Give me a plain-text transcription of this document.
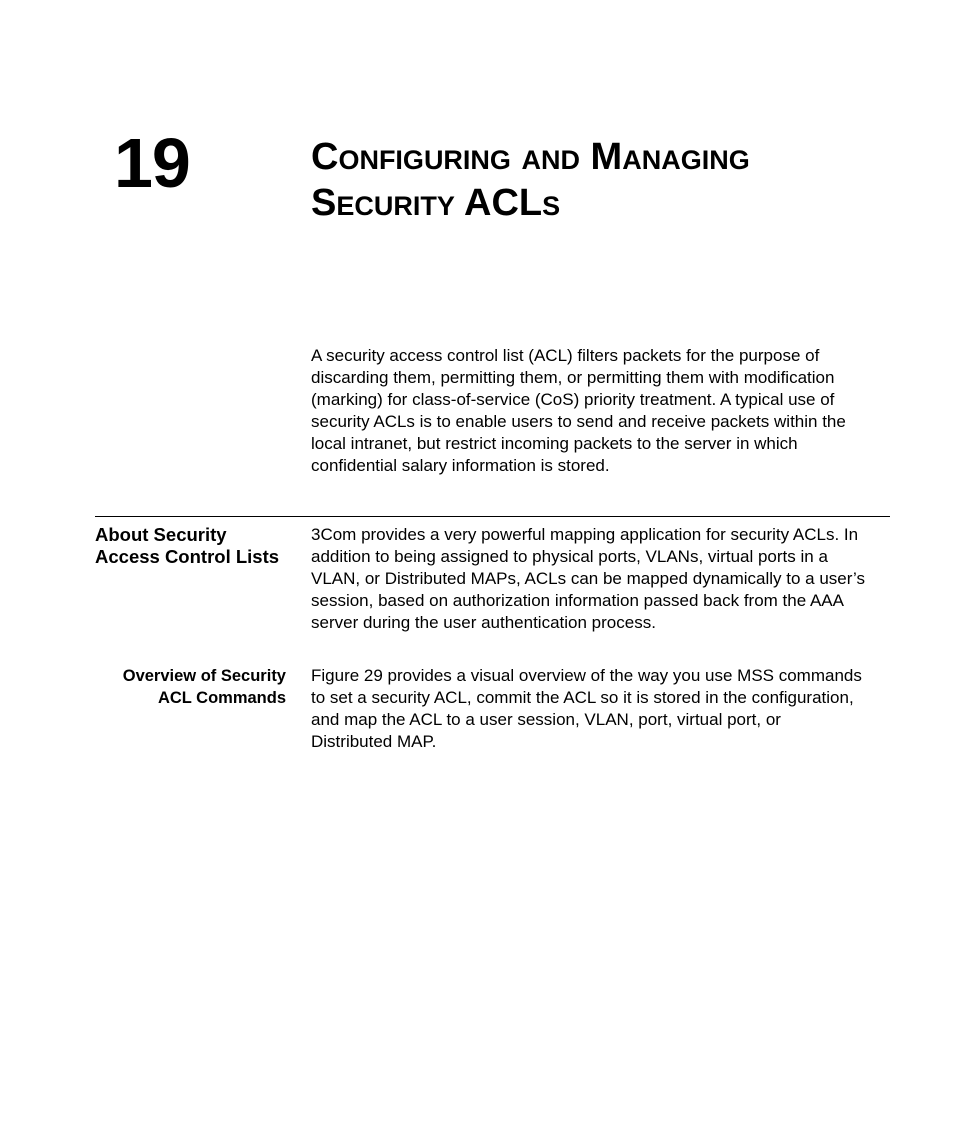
19	Configuring and Managing
Security ACLs

A security access control list (ACL) filters packets for the purpose of
discarding them, permitting them, or permitting them with modification
(marking) for class-of-service (CoS) priority treatment. A typical use of
security ACLs is to enable users to send and receive packets within the
local intranet, but restrict incoming packets to the server in which
confidential salary information is stored.

About Security
Access Control Lists

3Com provides a very powerful mapping application for security ACLs. In
addition to being assigned to physical ports, VLANs, virtual ports in a
VLAN, or Distributed MAPs, ACLs can be mapped dynamically to a user’s
session, based on authorization information passed back from the AAA
server during the user authentication process.

Overview of Security
ACL Commands

Figure 29 provides a visual overview of the way you use MSS commands
to set a security ACL, commit the ACL so it is stored in the configuration,
and map the ACL to a user session, VLAN, port, virtual port, or
Distributed MAP.
